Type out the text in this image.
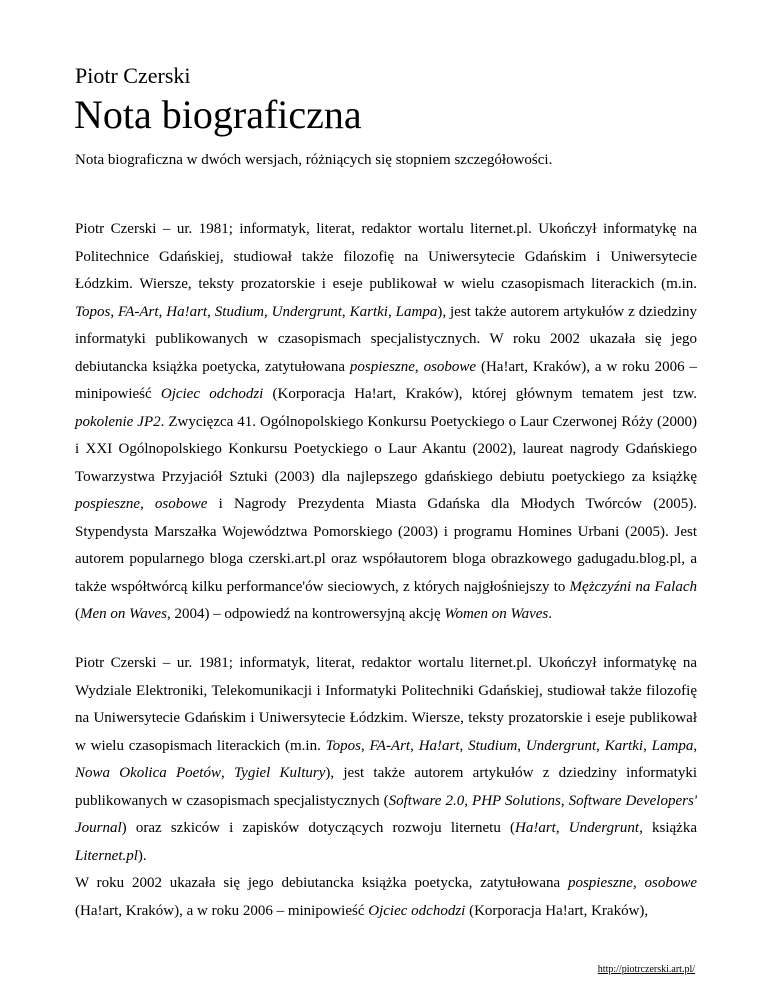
Piotr Czerski
Nota biograficzna

Nota biograficzna w dwóch wersjach, różniących się stopniem szczegółowości.

Piotr Czerski – ur. 1981; informatyk, literat, redaktor wortalu liternet.pl. Ukończył informatykę na Politechnice Gdańskiej, studiował także filozofię na Uniwersytecie Gdańskim i Uniwersytecie Łódzkim. Wiersze, teksty prozatorskie i eseje publikował w wielu czasopismach literackich (m.in. Topos, FA-Art, Ha!art, Studium, Undergrunt, Kartki, Lampa), jest także autorem artykułów z dziedziny informatyki publikowanych w czasopismach specjalistycznych. W roku 2002 ukazała się jego debiutancka książka poetycka, zatytułowana pospieszne, osobowe (Ha!art, Kraków), a w roku 2006 – minipowieść Ojciec odchodzi (Korporacja Ha!art, Kraków), której głównym tematem jest tzw. pokolenie JP2. Zwycięzca 41. Ogólnopolskiego Konkursu Poetyckiego o Laur Czerwonej Róży (2000) i XXI Ogólnopolskiego Konkursu Poetyckiego o Laur Akantu (2002), laureat nagrody Gdańskiego Towarzystwa Przyjaciół Sztuki (2003) dla najlepszego gdańskiego debiutu poetyckiego za książkę pospieszne, osobowe i Nagrody Prezydenta Miasta Gdańska dla Młodych Twórców (2005). Stypendysta Marszałka Województwa Pomorskiego (2003) i programu Homines Urbani (2005). Jest autorem popularnego bloga czerski.art.pl oraz współautorem bloga obrazkowego gadugadu.blog.pl, a także współtwórcą kilku performance'ów sieciowych, z których najgłośniejszy to Mężczyźni na Falach (Men on Waves, 2004) – odpowiedź na kontrowersyjną akcję Women on Waves.

Piotr Czerski – ur. 1981; informatyk, literat, redaktor wortalu liternet.pl. Ukończył informatykę na Wydziale Elektroniki, Telekomunikacji i Informatyki Politechniki Gdańskiej, studiował także filozofię na Uniwersytecie Gdańskim i Uniwersytecie Łódzkim. Wiersze, teksty prozatorskie i eseje publikował w wielu czasopismach literackich (m.in. Topos, FA-Art, Ha!art, Studium, Undergrunt, Kartki, Lampa, Nowa Okolica Poetów, Tygiel Kultury), jest także autorem artykułów z dziedziny informatyki publikowanych w czasopismach specjalistycznych (Software 2.0, PHP Solutions, Software Developers' Journal) oraz szkiców i zapisków dotyczących rozwoju liternetu (Ha!art, Undergrunt, książka Liternet.pl).
W roku 2002 ukazała się jego debiutancka książka poetycka, zatytułowana pospieszne, osobowe (Ha!art, Kraków), a w roku 2006 – minipowieść Ojciec odchodzi (Korporacja Ha!art, Kraków),

http://piotrczerski.art.pl/
